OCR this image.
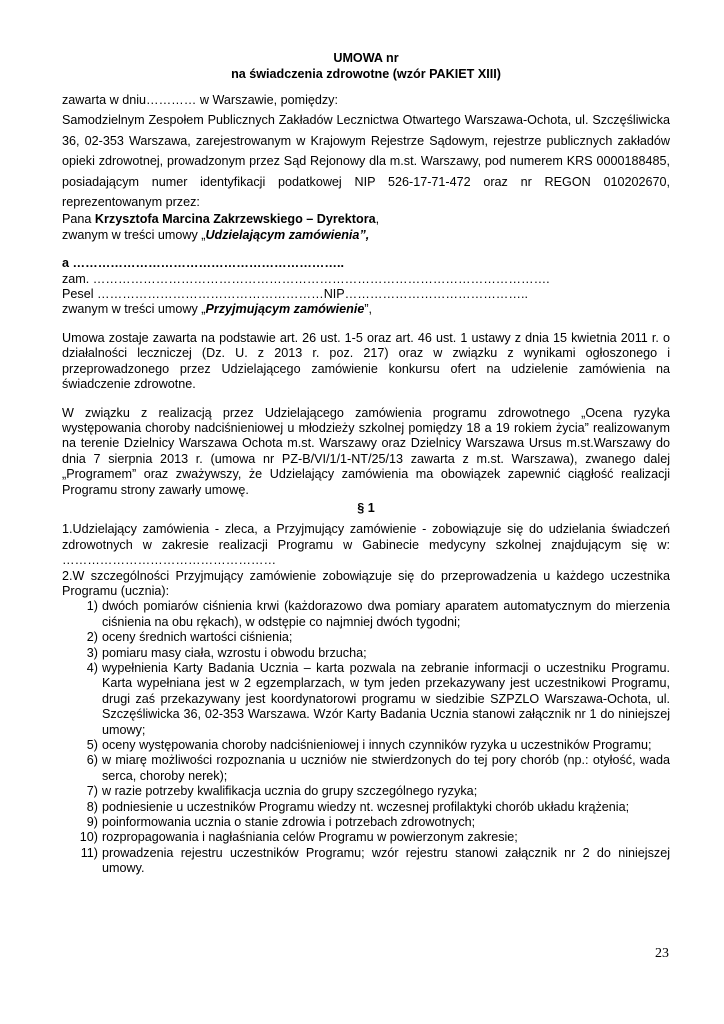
UMOWA nr
na świadczenia zdrowotne (wzór PAKIET XIII)
zawarta w dniu………… w Warszawie, pomiędzy:
Samodzielnym Zespołem Publicznych Zakładów Lecznictwa Otwartego Warszawa-Ochota, ul. Szczęśliwicka 36, 02-353 Warszawa, zarejestrowanym w Krajowym Rejestrze Sądowym, rejestrze publicznych zakładów opieki zdrowotnej, prowadzonym przez Sąd Rejonowy dla m.st. Warszawy, pod numerem KRS 0000188485, posiadającym numer identyfikacji podatkowej NIP 526-17-71-472 oraz nr REGON 010202670, reprezentowanym przez:
Pana Krzysztofa Marcina Zakrzewskiego – Dyrektora,
zwanym w treści umowy „Udzielającym zamówienia”,
a ………………………………………………………..
zam. ……………………………………………………………………………………………….
Pesel ………………………………………………NIP……………………………………..
zwanym w treści umowy „Przyjmującym zamówienie”,
Umowa zostaje zawarta na podstawie art. 26 ust. 1-5 oraz art. 46 ust. 1 ustawy z dnia 15 kwietnia 2011 r. o działalności leczniczej (Dz. U. z 2013 r. poz. 217) oraz w związku z wynikami ogłoszonego i przeprowadzonego przez Udzielającego zamówienie konkursu ofert na udzielenie zamówienia na świadczenie zdrowotne.
W związku z realizacją przez Udzielającego zamówienia programu zdrowotnego „Ocena ryzyka występowania choroby nadciśnieniowej u młodzieży szkolnej pomiędzy 18 a 19 rokiem życia” realizowanym na terenie Dzielnicy Warszawa Ochota m.st. Warszawy oraz Dzielnicy Warszawa Ursus m.st.Warszawy do dnia 7 sierpnia 2013 r. (umowa nr PZ-B/VI/1/1-NT/25/13 zawarta z m.st. Warszawa), zwanego dalej „Programem” oraz zważywszy, że Udzielający zamówienia ma obowiązek zapewnić ciągłość realizacji Programu strony zawarły umowę.
§ 1
1.Udzielający zamówienia - zleca, a Przyjmujący zamówienie - zobowiązuje się do udzielania świadczeń zdrowotnych w zakresie realizacji Programu w Gabinecie medycyny szkolnej znajdującym się w: ……………………………………………
2.W szczególności Przyjmujący zamówienie zobowiązuje się do przeprowadzenia u każdego uczestnika Programu (ucznia):
1) dwóch pomiarów ciśnienia krwi (każdorazowo dwa pomiary aparatem automatycznym do mierzenia ciśnienia na obu rękach), w odstępie co najmniej dwóch tygodni;
2) oceny średnich wartości ciśnienia;
3) pomiaru masy ciała, wzrostu i obwodu brzucha;
4) wypełnienia Karty Badania Ucznia – karta pozwala na zebranie informacji o uczestniku Programu. Karta wypełniana jest w 2 egzemplarzach, w tym jeden przekazywany jest uczestnikowi Programu, drugi zaś przekazywany jest koordynatorowi programu w siedzibie SZPZLO Warszawa-Ochota, ul. Szczęśliwicka 36, 02-353 Warszawa. Wzór Karty Badania Ucznia stanowi załącznik nr 1 do niniejszej umowy;
5) oceny występowania choroby nadciśnieniowej i innych czynników ryzyka u uczestników Programu;
6) w miarę możliwości rozpoznania u uczniów nie stwierdzonych do tej pory chorób (np.: otyłość, wada serca, choroby nerek);
7) w razie potrzeby kwalifikacja ucznia do grupy szczególnego ryzyka;
8) podniesienie u uczestników Programu wiedzy nt. wczesnej profilaktyki chorób układu krążenia;
9) poinformowania ucznia o stanie zdrowia i potrzebach zdrowotnych;
10) rozpropagowania i nagłaśniania celów Programu w powierzonym zakresie;
11) prowadzenia rejestru uczestników Programu; wzór rejestru stanowi załącznik nr 2 do niniejszej umowy.
23
